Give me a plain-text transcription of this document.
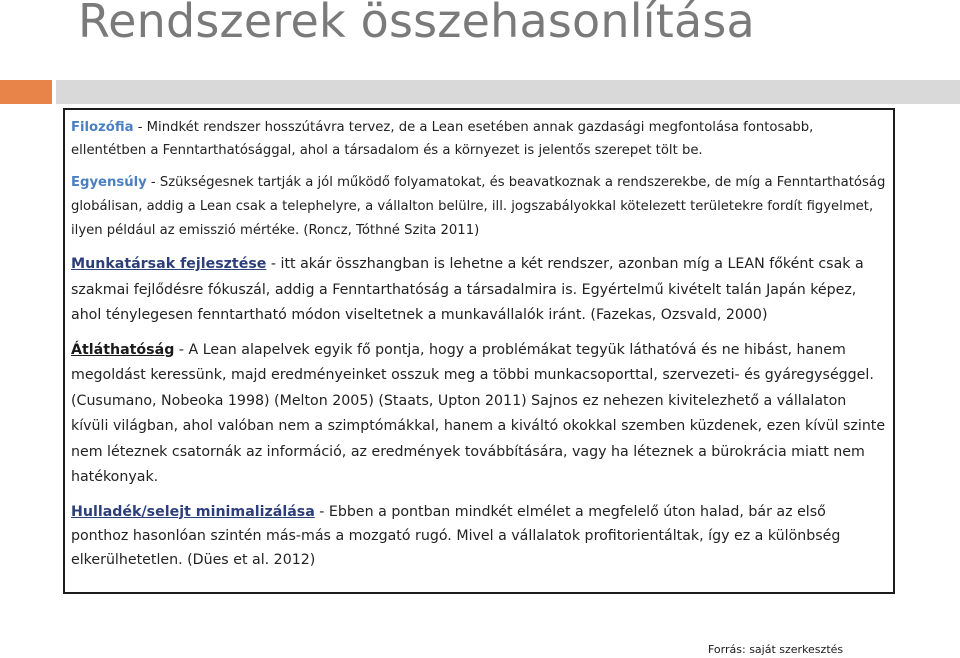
Rendszerek összehasonlítása

Filozófia - Mindkét rendszer hosszútávra tervez, de a Lean esetében annak gazdasági megfontolása fontosabb, ellentétben a Fenntarthatósággal, ahol a társadalom és a környezet is jelentős szerepet tölt be.

Egyensúly - Szükségesnek tartják a jól működő folyamatokat, és beavatkoznak a rendszerekbe, de míg a Fenntarthatóság globálisan, addig a Lean csak a telephelyre, a vállalton belülre, ill. jogszabályokkal kötelezett területekre fordít figyelmet, ilyen például az emisszió mértéke. (Roncz, Tóthné Szita 2011)

Munkatársak fejlesztése - itt akár összhangban is lehetne a két rendszer, azonban míg a LEAN főként csak a szakmai fejlődésre fókuszál, addig a Fenntarthatóság a társadalmira is. Egyértelmű kivételt talán Japán képez, ahol ténylegesen fenntartható módon viseltetnek a munkavállalók iránt. (Fazekas, Ozsvald, 2000)

Átláthatóság - A Lean alapelvek egyik fő pontja, hogy a problémákat tegyük láthatóvá és ne hibást, hanem megoldást keressünk, majd eredményeinket osszuk meg a többi munkacsoporttal, szervezeti- és gyáregységgel. (Cusumano, Nobeoka 1998) (Melton 2005) (Staats, Upton 2011) Sajnos ez nehezen kivitelezhető a vállalaton kívüli világban, ahol valóban nem a szimptómákkal, hanem a kiváltó okokkal szemben küzdenek, ezen kívül szinte nem léteznek csatornák az információ, az eredmények továbbítására, vagy ha léteznek a bürokrácia miatt nem hatékonyak.

Hulladék/selejt minimalizálása - Ebben a pontban mindkét elmélet a megfelelő úton halad, bár az első ponthoz hasonlóan szintén más-más a mozgató rugó. Mivel a vállalatok profitorientáltak, így ez a különbség elkerülhetetlen. (Dües et al. 2012)

Forrás: saját szerkesztés
